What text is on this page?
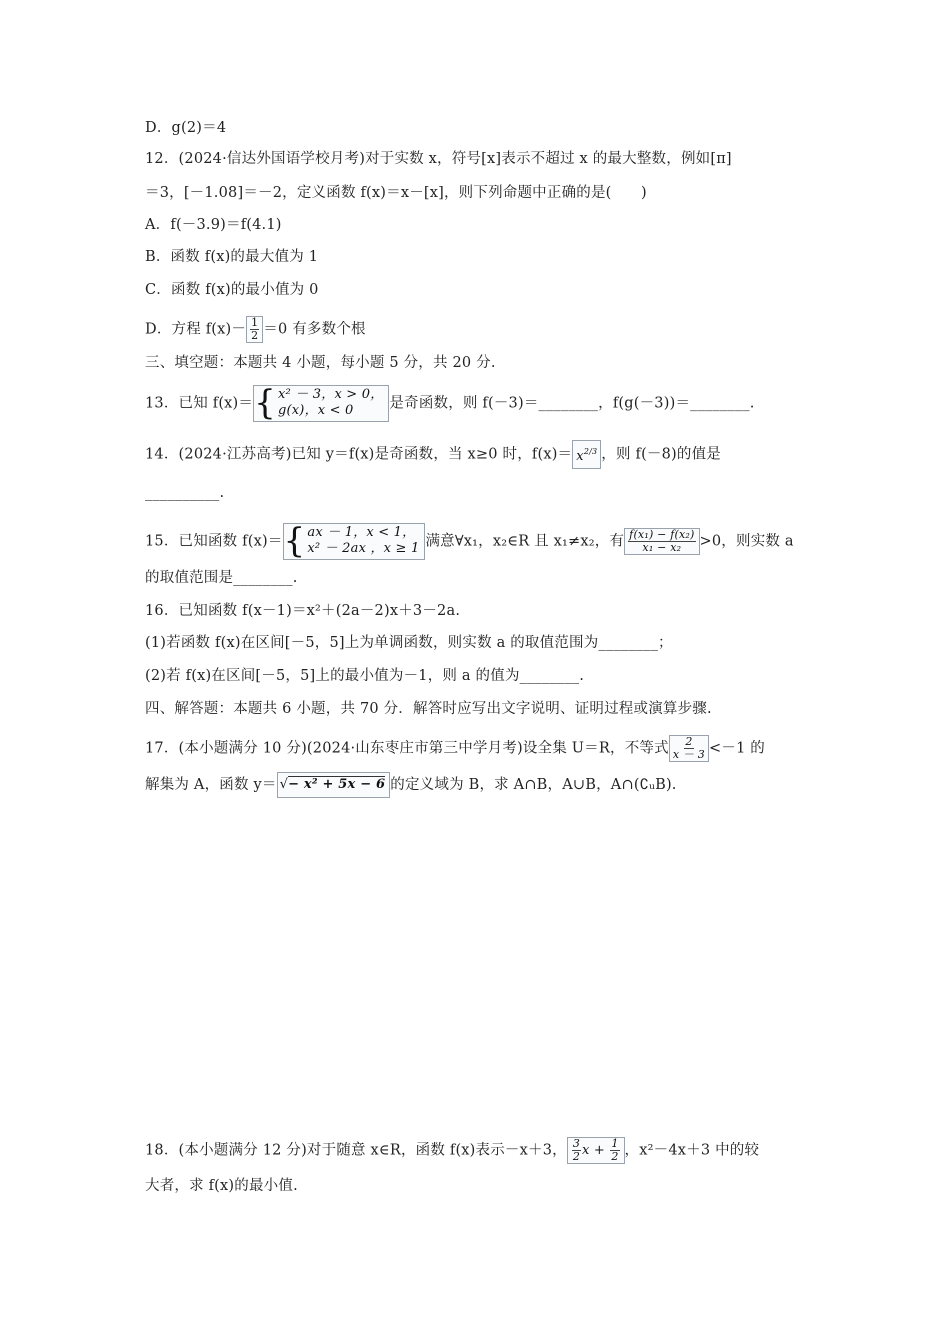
D．g(2)＝4
12．(2024·信达外国语学校月考)对于实数 x，符号[x]表示不超过 x 的最大整数，例如[π]
＝3，[－1.08]＝－2，定义函数 f(x)＝x－[x]，则下列命题中正确的是(　　)
A．f(－3.9)＝f(4.1)
B．函数 f(x)的最大值为 1
C．函数 f(x)的最小值为 0
D．方程 $f(x)- \frac{1}{2} =0$ 有多数个根
三、填空题：本题共 4 小题，每小题 5 分，共 20 分.
13．已知 f(x)＝{ x² － 3，x > 0，
g(x)，x < 0	是奇函数，则 f(－3)＝________，f(g(－3))＝________.
14．(2024·江苏高考)已知 y＝f(x)是奇函数，当 x≥0 时，$f(x)= x^{2/3}$ ，则 f(－8)的值是
__________.
15．已知函数 f(x)＝{ ax － 1，x < 1，
x² － 2ax ，x ≥ 1 满意∀x₁，x₂∈R 且 x₁≠x₂，有 $\frac{\text{f(x₁) − f(x₂)}}{\text{x₁ − x₂}} >0$，则实数 a
的取值范围是________.
16．已知函数 f(x－1)＝x²＋(2a－2)x＋3－2a.
(1)若函数 f(x)在区间[－5，5]上为单调函数，则实数 a 的取值范围为________；
(2)若 f(x)在区间[－5，5]上的最小值为－1，则 a 的值为________.
四、解答题：本题共 6 小题，共 70 分．解答时应写出文字说明、证明过程或演算步骤.
17．(本小题满分 10 分)(2024·山东枣庄市第三中学月考)设全集 U＝R，不等式 $\frac{2}{x - 3} <-1$ 的
解集为 A，函数 y＝ √− x² + 5x − 6 的定义域为 B，求 A∩B，A∪B，A∩(∁ᵤB).
18．(本小题满分 12 分)对于随意 x∈R，函数 f(x)表示－x＋3， $\frac{3}{2}$ $x + \frac{1}{2}$ ，x²－4x＋3 中的较
大者，求 f(x)的最小值.
